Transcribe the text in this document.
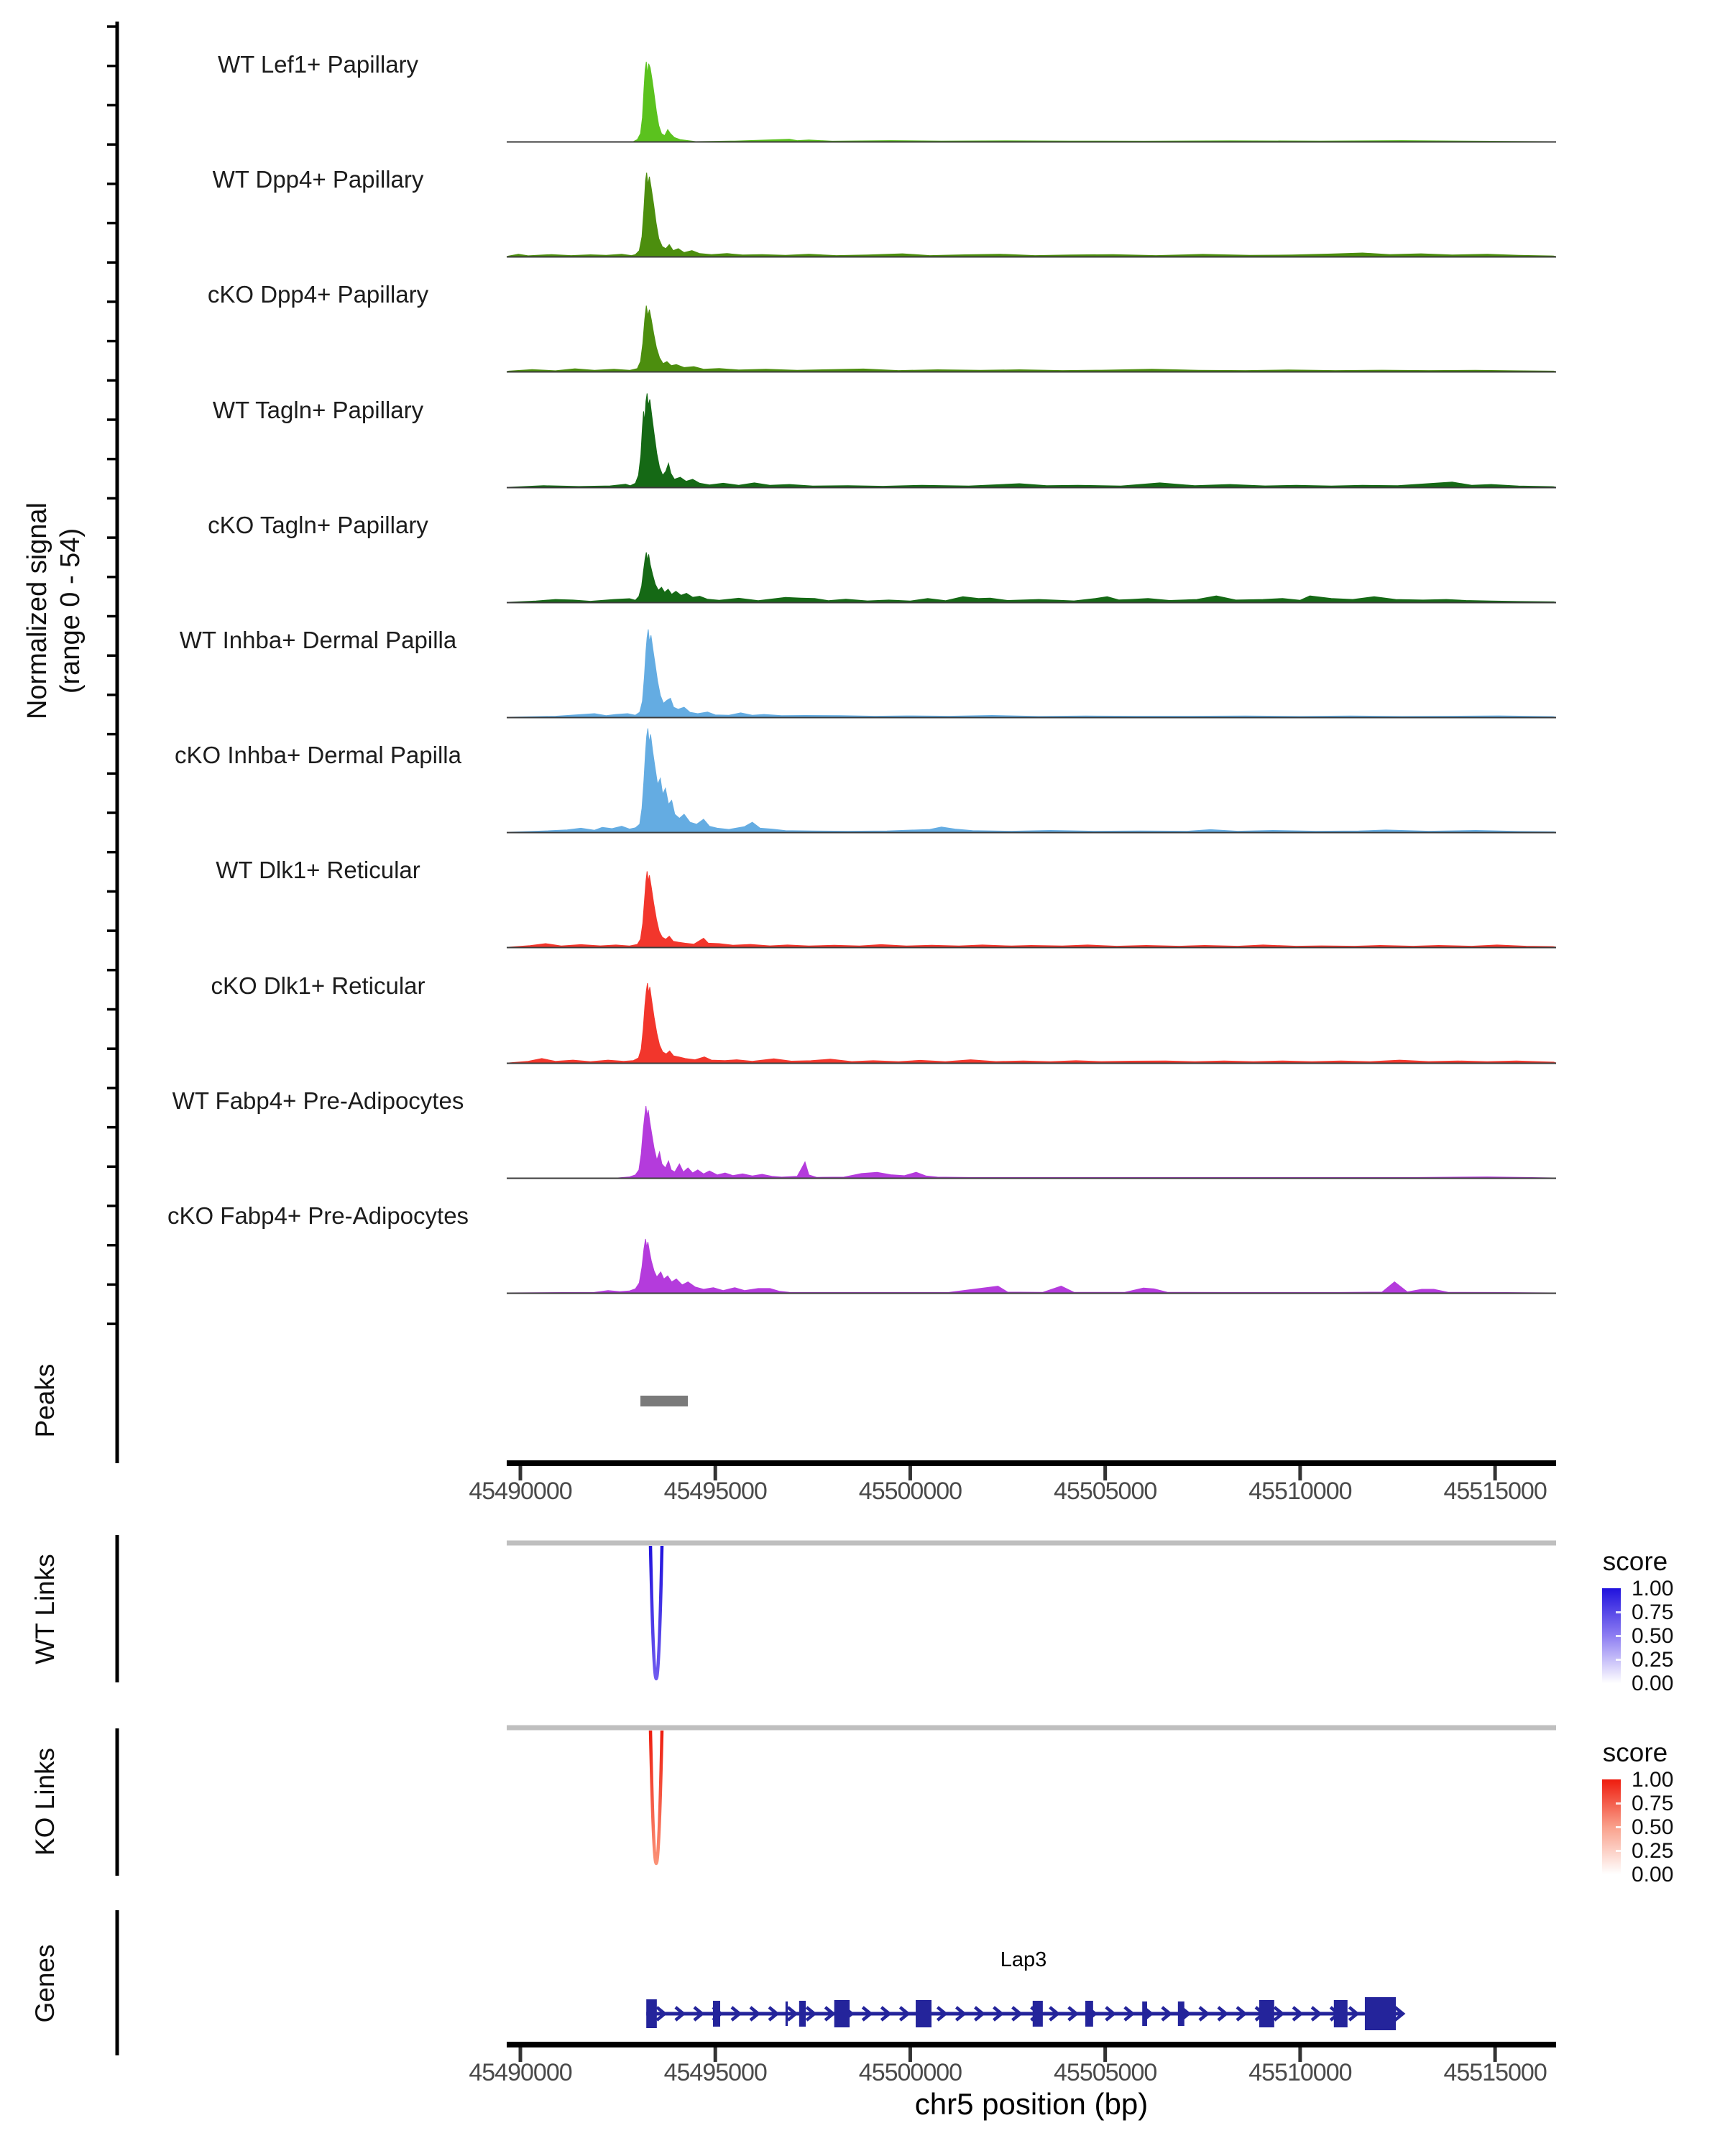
Normalized signal (range 0 - 54)
WT Lef1+ Papillary
WT Dpp4+ Papillary
cKO Dpp4+ Papillary
WT Tagln+ Papillary
cKO Tagln+ Papillary
WT Inhba+ Dermal Papilla
cKO Inhba+ Dermal Papilla
WT Dlk1+ Reticular
cKO Dlk1+ Reticular
WT Fabp4+ Pre-Adipocytes
cKO Fabp4+ Pre-Adipocytes
Peaks
45490000	45495000	45500000	45505000	45510000	45515000
WT Links	score
1.00
0.75
0.50
0.25
0.00
KO Links	score
1.00
0.75
0.50
0.25
0.00
Genes	Lap3
45490000	45495000	45500000	45505000	45510000	45515000
chr5 position (bp)
